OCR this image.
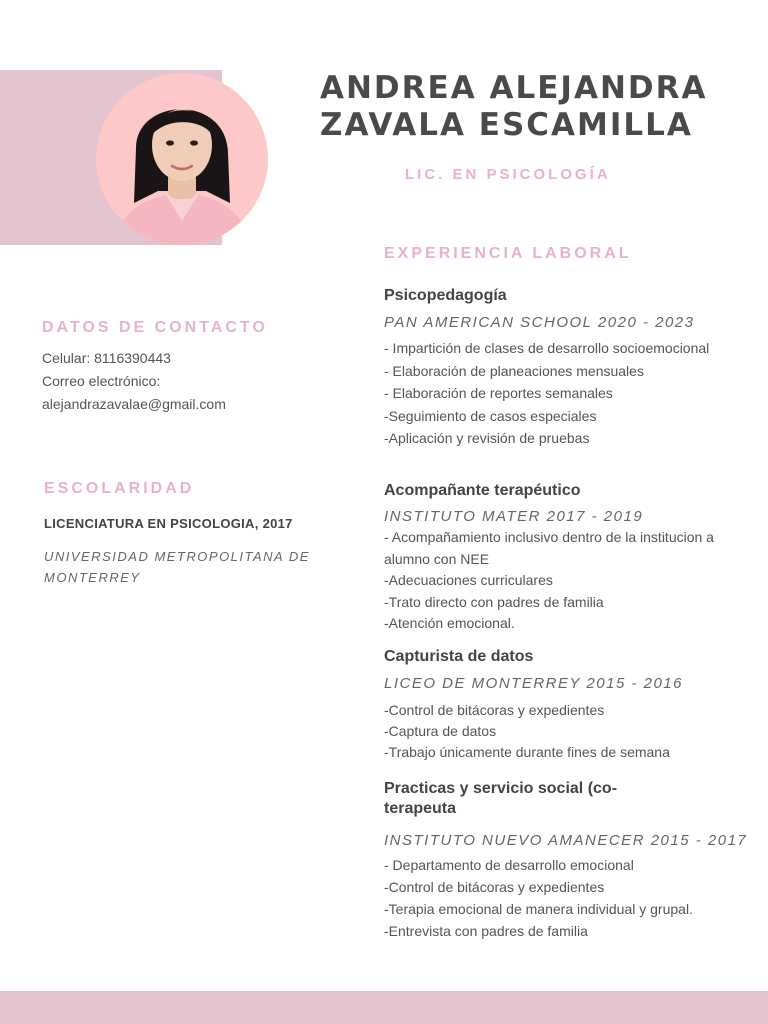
ANDREA ALEJANDRA
ZAVALA ESCAMILLA
LIC. EN PSICOLOGÍA
DATOS DE CONTACTO
Celular: 8116390443
Correo electrónico:
alejandrazavalae@gmail.com
ESCOLARIDAD
LICENCIATURA EN PSICOLOGIA, 2017
UNIVERSIDAD METROPOLITANA DE MONTERREY
EXPERIENCIA LABORAL
Psicopedagogía

PAN AMERICAN SCHOOL 2020 - 2023

- Impartición de clases de desarrollo socioemocional
- Elaboración de planeaciones mensuales
- Elaboración de reportes semanales
-Seguimiento de casos especiales
-Aplicación y revisión de pruebas
Acompañante terapéutico

INSTITUTO MATER 2017 - 2019

- Acompañamiento inclusivo dentro de la institucion a alumno con NEE
-Adecuaciones curriculares
-Trato directo con padres de familia
-Atención emocional.
Capturista de datos

LICEO DE MONTERREY 2015 - 2016

-Control de bitácoras y expedientes
-Captura de datos
-Trabajo únicamente durante fines de semana
Practicas y servicio social (co-terapeuta

INSTITUTO NUEVO AMANECER 2015 - 2017

- Departamento de desarrollo emocional
-Control de bitácoras y expedientes
-Terapia emocional de manera individual y grupal.
-Entrevista con padres de familia
